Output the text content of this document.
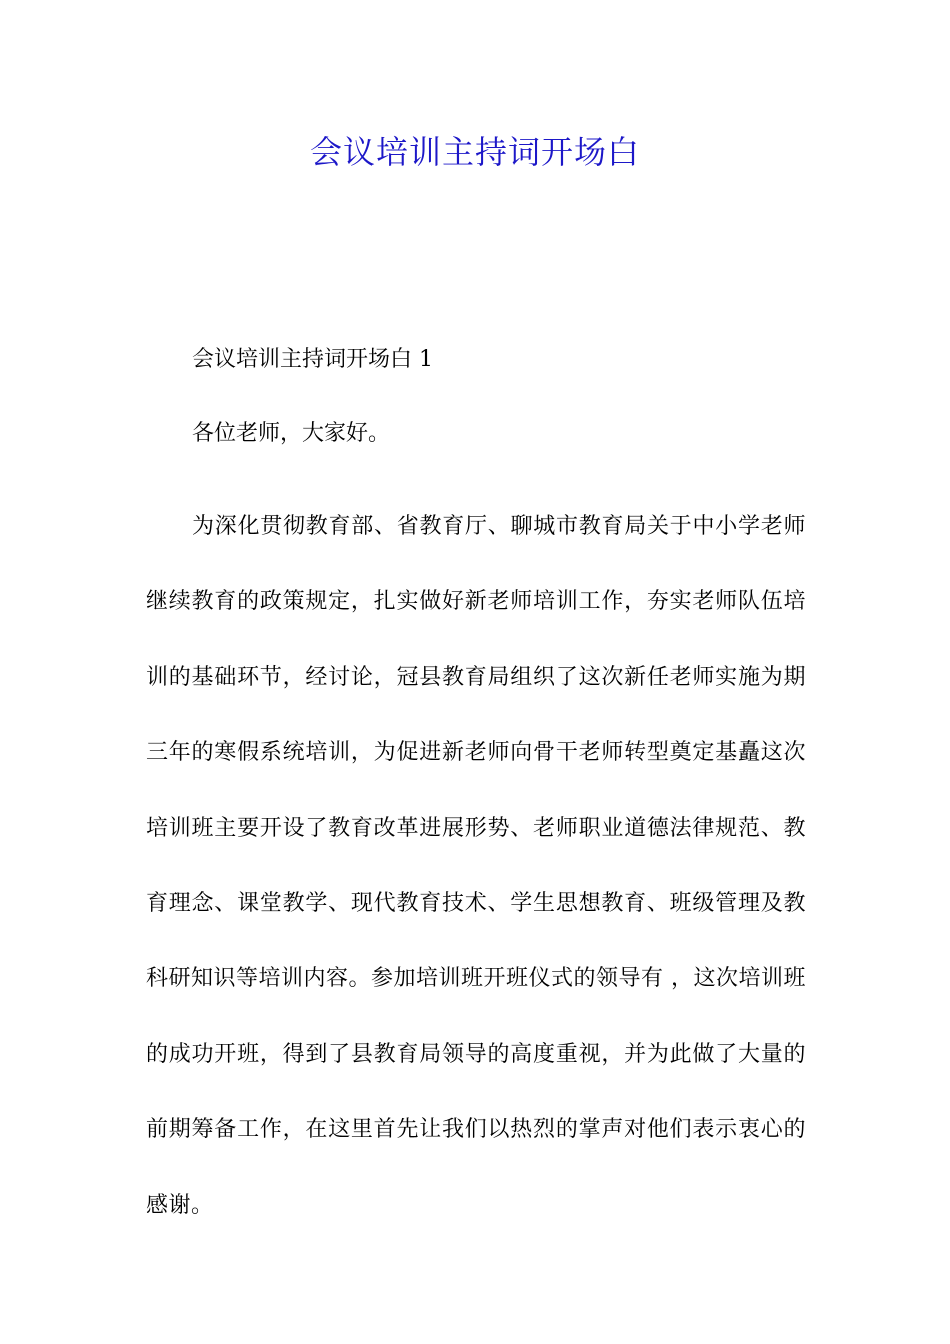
会议培训主持词开场白

会议培训主持词开场白 1

各位老师，大家好。

为深化贯彻教育部、省教育厅、聊城市教育局关于中小学老师继续教育的政策规定，扎实做好新老师培训工作，夯实老师队伍培训的基础环节，经讨论，冠县教育局组织了这次新任老师实施为期三年的寒假系统培训，为促进新老师向骨干老师转型奠定基矗这次培训班主要开设了教育改革进展形势、老师职业道德法律规范、教育理念、课堂教学、现代教育技术、学生思想教育、班级管理及教科研知识等培训内容。参加培训班开班仪式的领导有 ，这次培训班的成功开班，得到了县教育局领导的高度重视，并为此做了大量的前期筹备工作，在这里首先让我们以热烈的掌声对他们表示衷心的感谢。
